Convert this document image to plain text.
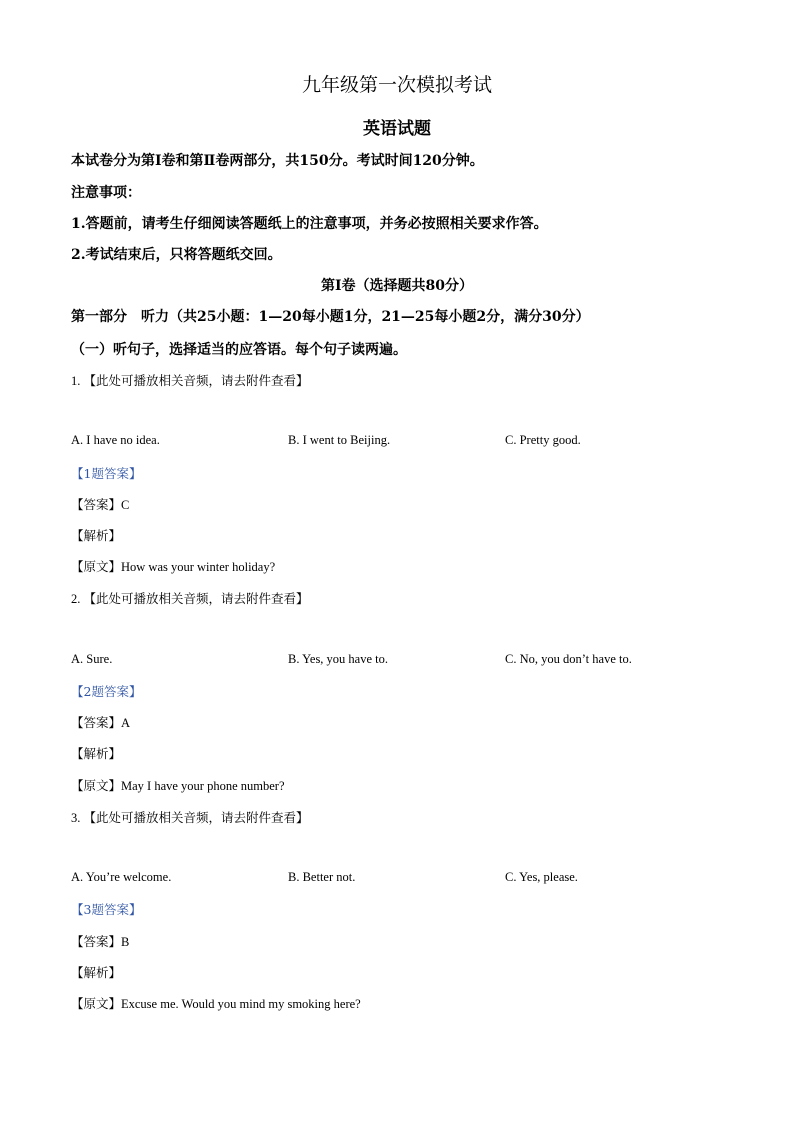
九年级第一次模拟考试
英语试题
本试卷分为第Ⅰ卷和第Ⅱ卷两部分，共150分。考试时间120分钟。
注意事项：
1.答题前，请考生仔细阅读答题纸上的注意事项，并务必按照相关要求作答。
2.考试结束后，只将答题纸交回。
第Ⅰ卷（选择题共80分）
第一部分　听力（共25小题：1—20每小题1分，21—25每小题2分，满分30分）
（一）听句子，选择适当的应答语。每个句子读两遍。
1. 【此处可播放相关音频，请去附件查看】
A. I have no idea.	B. I went to Beijing.	C. Pretty good.
【1题答案】
【答案】C
【解析】
【原文】How was your winter holiday?
2. 【此处可播放相关音频，请去附件查看】
A. Sure.	B. Yes, you have to.	C. No, you don’t have to.
【2题答案】
【答案】A
【解析】
【原文】May I have your phone number?
3. 【此处可播放相关音频，请去附件查看】
A. You’re welcome.	B. Better not.	C. Yes, please.
【3题答案】
【答案】B
【解析】
【原文】Excuse me. Would you mind my smoking here?
